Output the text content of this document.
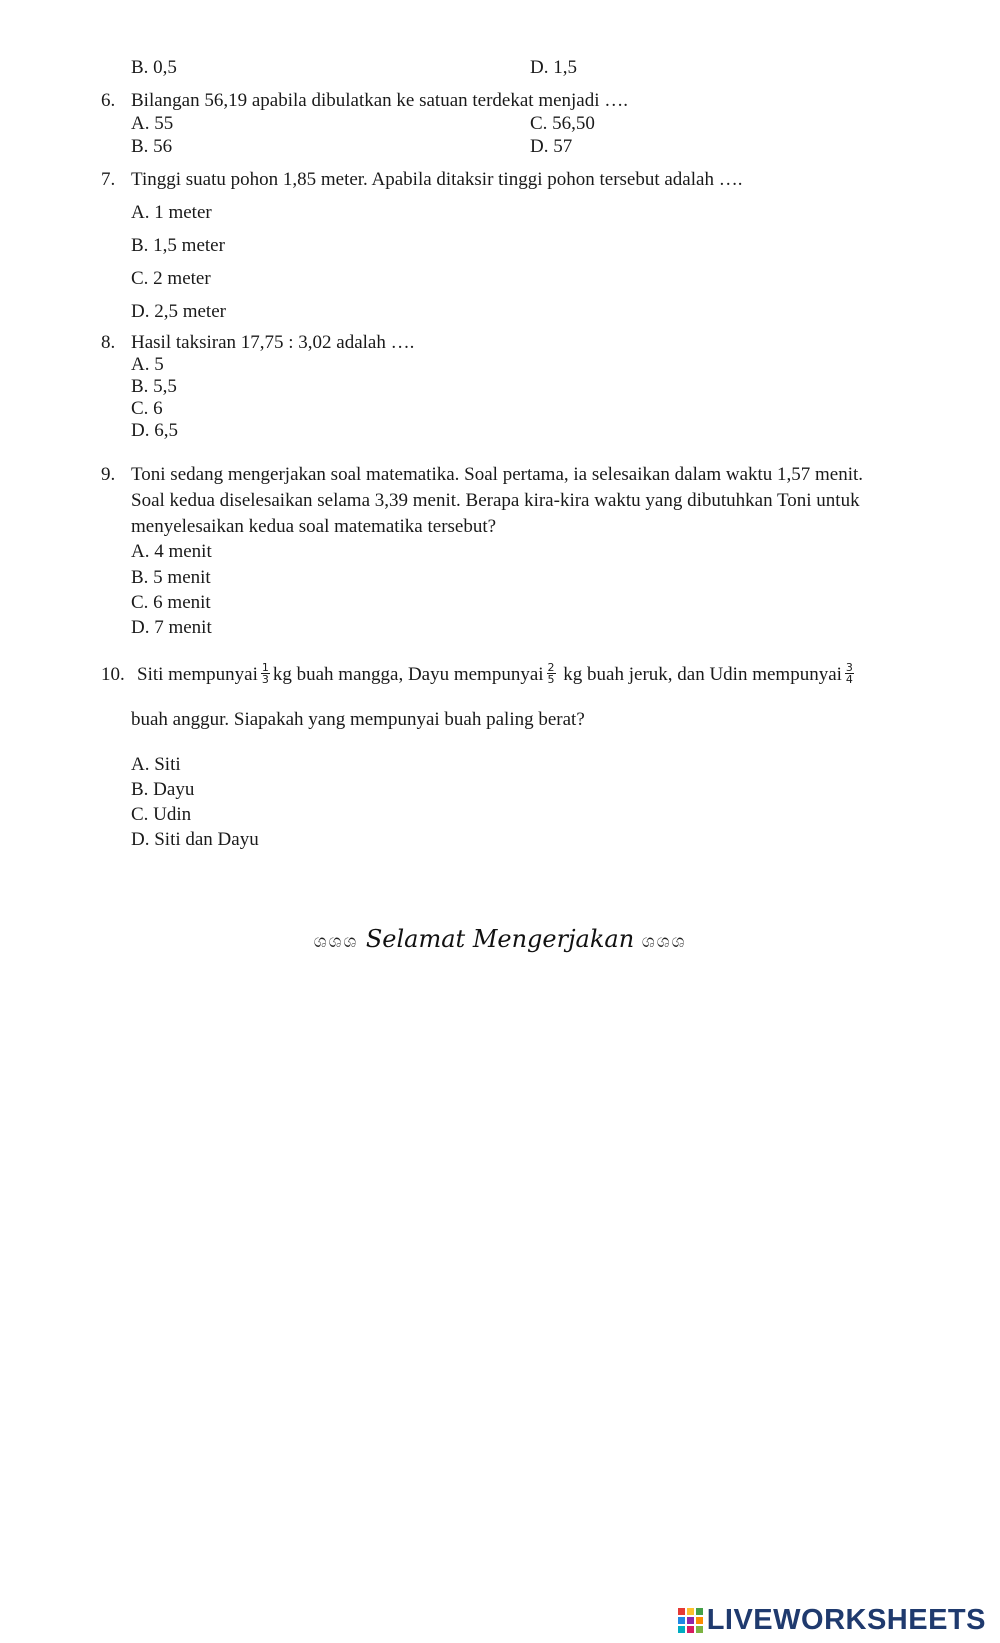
B. 0,5	D. 1,5
6. Bilangan 56,19 apabila dibulatkan ke satuan terdekat menjadi ….
A. 55	C. 56,50
B. 56	D. 57
7. Tinggi suatu pohon 1,85 meter. Apabila ditaksir tinggi pohon tersebut adalah ….
A. 1 meter
B. 1,5 meter
C. 2 meter
D. 2,5 meter
8. Hasil taksiran 17,75 : 3,02 adalah ….
A. 5
B. 5,5
C. 6
D. 6,5
9. Toni sedang mengerjakan soal matematika. Soal pertama, ia selesaikan dalam waktu 1,57 menit.
Soal kedua diselesaikan selama 3,39 menit. Berapa kira-kira waktu yang dibutuhkan Toni untuk
menyelesaikan kedua soal matematika tersebut?
A. 4 menit
B. 5 menit
C. 6 menit
D. 7 menit
10. Siti mempunyai $\frac{1}{3}$ kg buah mangga, Dayu mempunyai $\frac{2}{5}$ kg buah jeruk, dan Udin mempunyai $\frac{3}{4}$
buah anggur. Siapakah yang mempunyai buah paling berat?
A. Siti
B. Dayu
C. Udin
D. Siti dan Dayu
ශශශ Selamat Mengerjakan ශශශ
LIVEWORKSHEETS
